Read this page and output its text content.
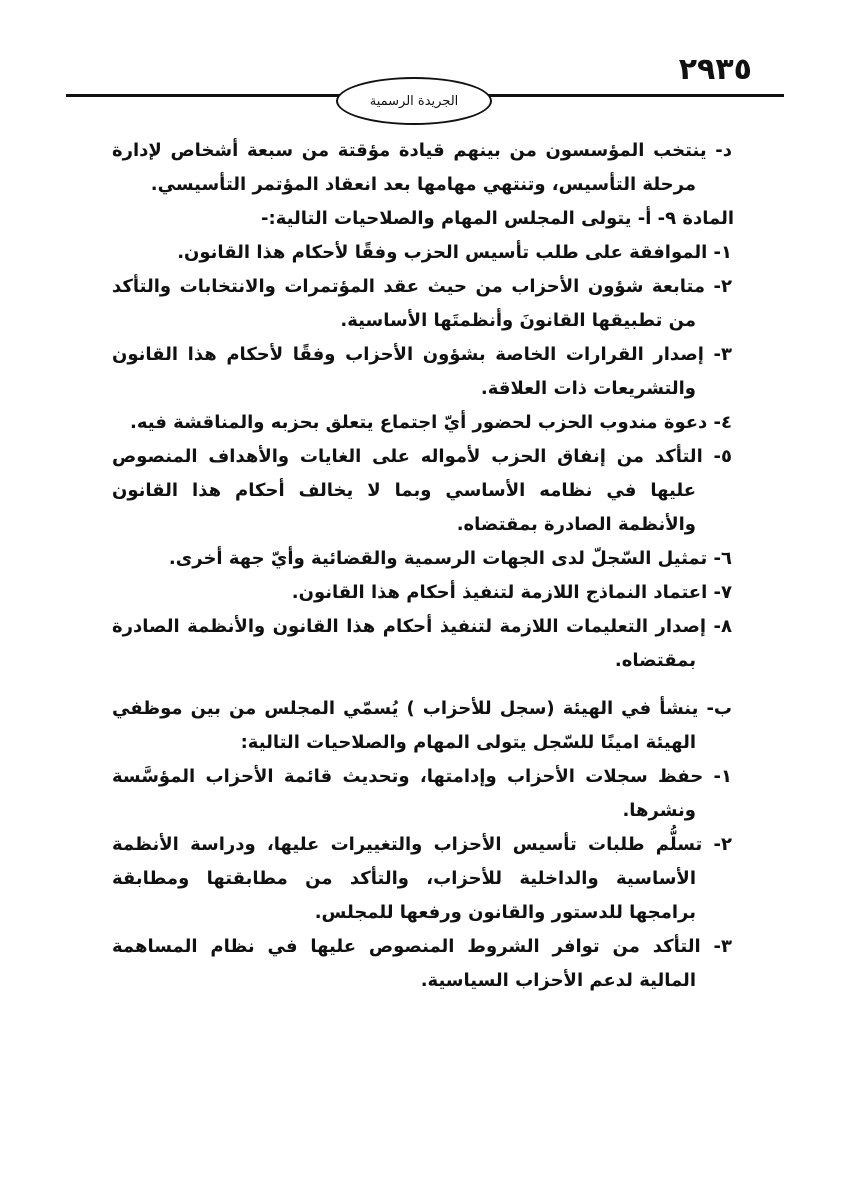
٢٩٣٥
الجريدة الرسمية

د- ينتخب المؤسسون من بينهم قيادة مؤقتة من سبعة أشخاص لإدارة مرحلة التأسيس، وتنتهي مهامها بعد انعقاد المؤتمر التأسيسي.

المادة ٩- أ- يتولى المجلس المهام والصلاحيات التالية:-

١- الموافقة على طلب تأسيس الحزب وفقًا لأحكام هذا القانون.

٢- متابعة شؤون الأحزاب من حيث عقد المؤتمرات والانتخابات والتأكد من تطبيقها القانونَ وأنظمتَها الأساسية.

٣- إصدار القرارات الخاصة بشؤون الأحزاب وفقًا لأحكام هذا القانون والتشريعات ذات العلاقة.

٤- دعوة مندوب الحزب لحضور أيّ اجتماع يتعلق بحزبه والمناقشة فيه.

٥- التأكد من إنفاق الحزب لأمواله على الغايات والأهداف المنصوص عليها في نظامه الأساسي وبما لا يخالف أحكام هذا القانون والأنظمة الصادرة بمقتضاه.

٦- تمثيل السّجلّ لدى الجهات الرسمية والقضائية وأيّ جهة أخرى.

٧- اعتماد النماذج اللازمة لتنفيذ أحكام هذا القانون.

٨- إصدار التعليمات اللازمة لتنفيذ أحكام هذا القانون والأنظمة الصادرة بمقتضاه.

ب- ينشأ في الهيئة (سجل للأحزاب ) يُسمّي المجلس من بين موظفي الهيئة امينًا للسّجل يتولى المهام والصلاحيات التالية:

١- حفظ سجلات الأحزاب وإدامتها، وتحديث قائمة الأحزاب المؤسَّسة ونشرها.

٢- تسلُّم طلبات تأسيس الأحزاب والتغييرات عليها، ودراسة الأنظمة الأساسية والداخلية للأحزاب، والتأكد من مطابقتها ومطابقة برامجها للدستور والقانون ورفعها للمجلس.

٣- التأكد من توافر الشروط المنصوص عليها في نظام المساهمة المالية لدعم الأحزاب السياسية.
